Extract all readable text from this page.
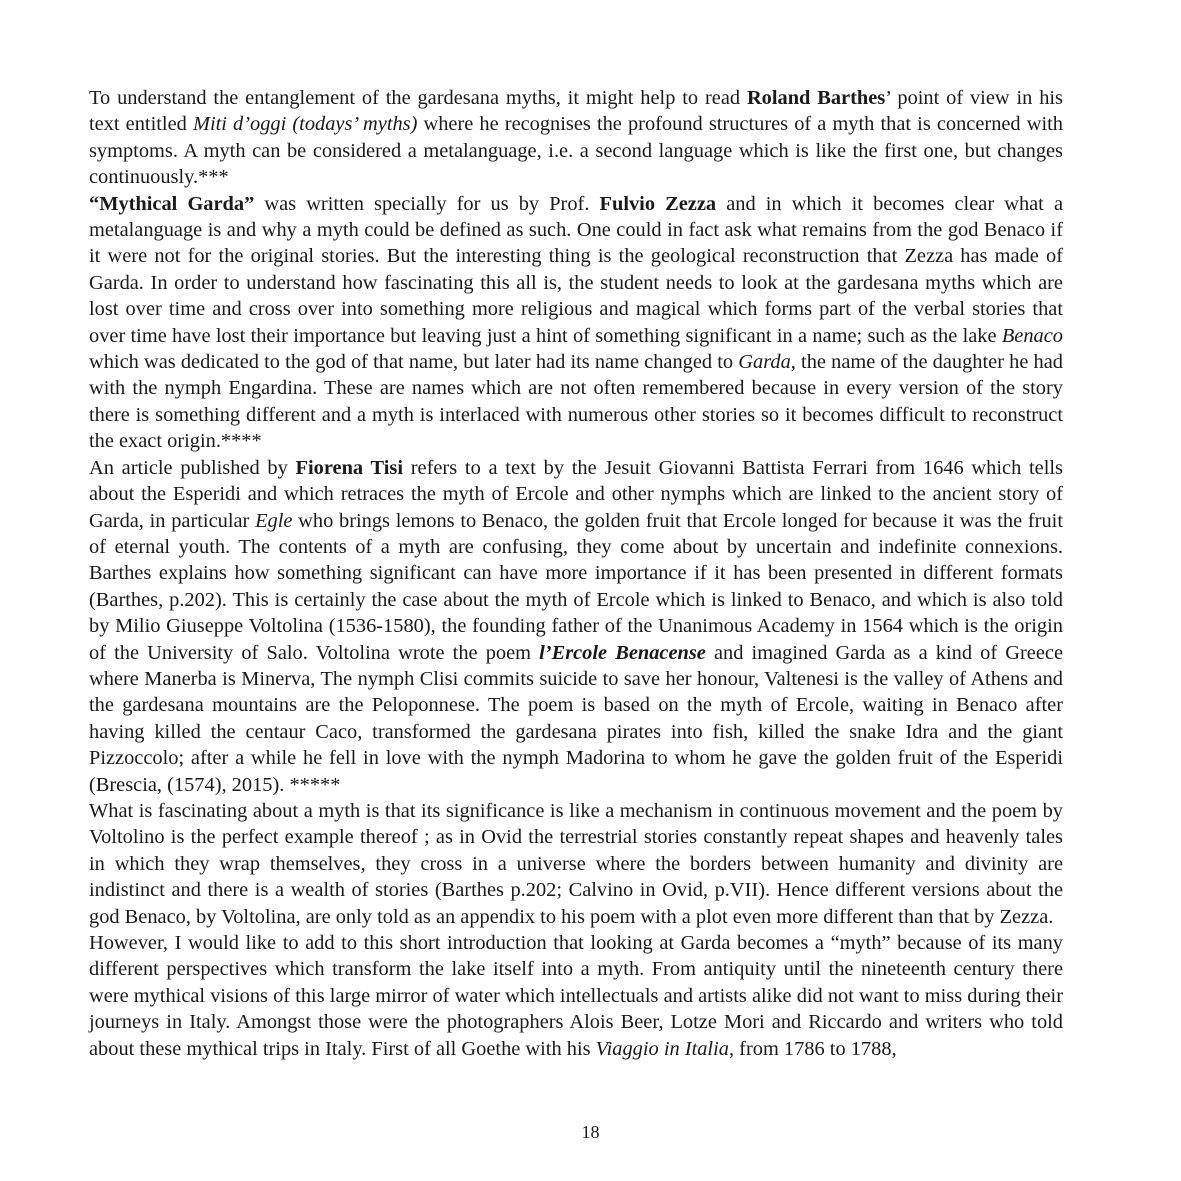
To understand the entanglement of the gardesana myths, it might help to read Roland Barthes’ point of view in his text entitled Miti d’oggi (todays’ myths) where he recognises the profound structures of a myth that is concerned with symptoms. A myth can be considered a metalanguage, i.e. a second language which is like the first one, but changes continuously.***

“Mythical Garda” was written specially for us by Prof. Fulvio Zezza and in which it becomes clear what a metalanguage is and why a myth could be defined as such. One could in fact ask what remains from the god Benaco if it were not for the original stories. But the interesting thing is the geological reconstruction that Zezza has made of Garda. In order to understand how fascinating this all is, the student needs to look at the gardesana myths which are lost over time and cross over into something more religious and magical which forms part of the verbal stories that over time have lost their importance but leaving just a hint of something significant in a name; such as the lake Benaco which was dedicated to the god of that name, but later had its name changed to Garda, the name of the daughter he had with the nymph Engardina. These are names which are not often remembered because in every version of the story there is something different and a myth is interlaced with numerous other stories so it becomes difficult to reconstruct the exact origin.****

An article published by Fiorena Tisi refers to a text by the Jesuit Giovanni Battista Ferrari from 1646 which tells about the Esperidi and which retraces the myth of Ercole and other nymphs which are linked to the ancient story of Garda, in particular Egle who brings lemons to Benaco, the golden fruit that Ercole longed for because it was the fruit of eternal youth. The contents of a myth are confusing, they come about by uncertain and indefinite connexions. Barthes explains how something significant can have more importance if it has been presented in different formats (Barthes, p.202). This is certainly the case about the myth of Ercole which is linked to Benaco, and which is also told by Milio Giuseppe Voltolina (1536-1580), the founding father of the Unanimous Academy in 1564 which is the origin of the University of Salo. Voltolina wrote the poem l’Ercole Benacense and imagined Garda as a kind of Greece where Manerba is Minerva, The nymph Clisi commits suicide to save her honour, Valtenesi is the valley of Athens and the gardesana mountains are the Peloponnese. The poem is based on the myth of Ercole, waiting in Benaco after having killed the centaur Caco, transformed the gardesana pirates into fish, killed the snake Idra and the giant Pizzoccolo; after a while he fell in love with the nymph Madorina to whom he gave the golden fruit of the Esperidi (Brescia, (1574), 2015). *****

What is fascinating about a myth is that its significance is like a mechanism in continuous movement and the poem by Voltolino is the perfect example thereof ; as in Ovid the terrestrial stories constantly repeat shapes and heavenly tales in which they wrap themselves, they cross in a universe where the borders between humanity and divinity are indistinct and there is a wealth of stories (Barthes p.202; Calvino in Ovid, p.VII). Hence different versions about the god Benaco, by Voltolina, are only told as an appendix to his poem with a plot even more different than that by Zezza.

However, I would like to add to this short introduction that looking at Garda becomes a “myth” because of its many different perspectives which transform the lake itself into a myth. From antiquity until the nineteenth century there were mythical visions of this large mirror of water which intellectuals and artists alike did not want to miss during their journeys in Italy. Amongst those were the photographers Alois Beer, Lotze Mori and Riccardo and writers who told about these mythical trips in Italy. First of all Goethe with his Viaggio in Italia, from 1786 to 1788,

18
